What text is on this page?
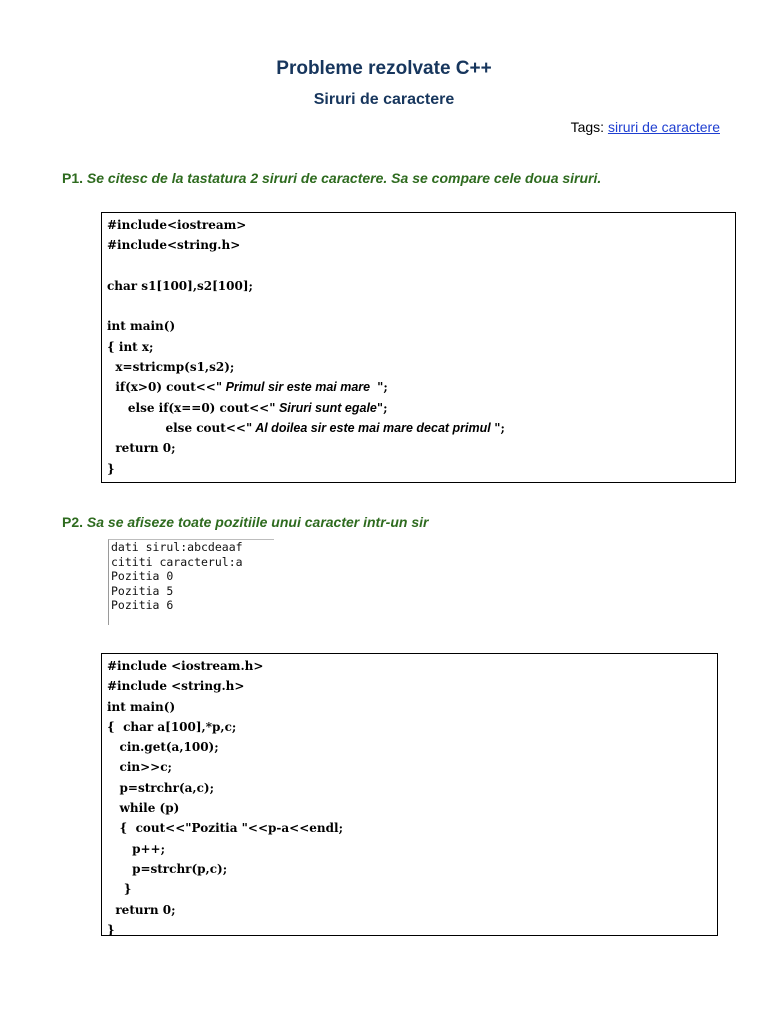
Probleme rezolvate C++
Siruri de caractere
Tags: siruri de caractere
P1. Se citesc de la tastatura 2 siruri de caractere. Sa se compare cele doua siruri.
#include<iostream>
#include<string.h>
char s1[100],s2[100];
int main()
{ int x;
x=stricmp(s1,s2);
if(x>0) cout<<" Primul sir este mai mare  ";
else if(x==0) cout<<" Siruri sunt egale";
else cout<<" Al doilea sir este mai mare decat primul ";
return 0;
}
P2. Sa se afiseze toate pozitiile unui caracter intr-un sir
dati sirul:abcdeaaf
cititi caracterul:a
Pozitia 0
Pozitia 5
Pozitia 6
#include <iostream.h>
#include <string.h>
int main()
{  char a[100],*p,c;
cin.get(a,100);
cin>>c;
p=strchr(a,c);
while (p)
{  cout<<"Pozitia "<<p-a<<endl;
p++;
p=strchr(p,c);
}
return 0;
}
